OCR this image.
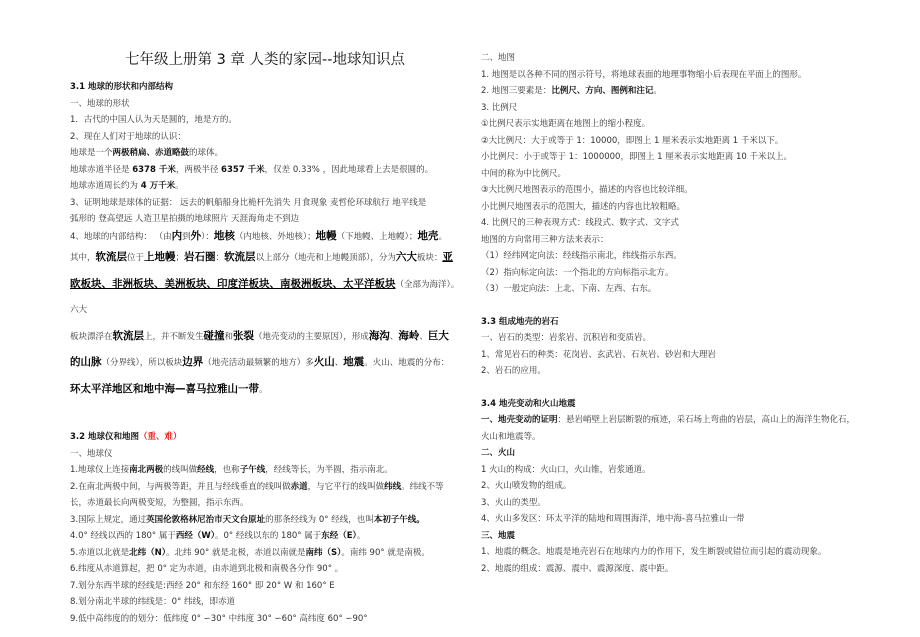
七年级上册第 3 章 人类的家园--地球知识点
3.1 地球的形状和内部结构
一、地球的形状
1．古代的中国人认为天是圆的，地是方的。
2、现在人们对于地球的认识：
地球是一个两极稍扁、赤道略鼓的球体。
地球赤道半径是 6378 千米，两极半径 6357 千米，仅差 0.33% ，因此地球看上去是很圆的。
地球赤道周长约为 4 万千米。
3、证明地球是球体的证据： 远去的帆船船身比桅杆先消失 月食现象 麦哲伦环球航行 地平线是
弧形的 登高望远 人造卫星拍摄的地球照片 天涯海角走不到边
4、地球的内部结构： （由内到外）：地核（内地核、外地核）；地幔（下地幔、上地幔）；地壳。
其中，软流层位于上地幔；岩石圈：软流层以上部分（地壳和上地幔顶部），分为六大板块：亚
欧板块、非洲板块、美洲板块、印度洋板块、南极洲板块、太平洋板块（全部为海洋）。六大
板块漂浮在软流层上，并不断发生碰撞和张裂（地壳变动的主要原因），形成海沟、海岭、巨大
的山脉（分界线），所以板块边界（地壳活动最频繁的地方）多火山、地震。火山、地震的分布：
环太平洋地区和地中海—喜马拉雅山一带。
3.2 地球仪和地图（重、难）
一、地球仪
1.地球仪上连接南北两极的线叫做经线，也称子午线，经线等长，为半圆，指示南北。
2.在南北两极中间，与两极等距，并且与经线垂直的线叫做赤道，与它平行的线叫做纬线。纬线不等
长，赤道最长向两极变短，为整圆，指示东西。
3.国际上规定，通过英国伦敦格林尼治市天文台原址的那条经线为 0° 经线，也叫本初子午线。
4.0° 经线以西的 180° 属于西经（W）。0° 经线以东的 180° 属于东经（E）。
5.赤道以北就是北纬（N）。北纬 90° 就是北极，赤道以南就是南纬（S）。南纬 90° 就是南极。
6.纬度从赤道算起，把 0° 定为赤道，由赤道到北极和南极各分作 90° 。
7.划分东西半球的经线是:西经 20° 和东经 160° 即 20° W 和 160° E
8.划分南北半球的纬线是：0° 纬线，即赤道
9.低中高纬度的的划分：低纬度 0° ∽30° 中纬度 30° ∽60° 高纬度 60° ∽90°
二、地图
1. 地图是以各种不同的图示符号，将地球表面的地理事物缩小后表现在平面上的图形。
2. 地图三要素是：比例尺、方向、图例和注记。
3. 比例尺
①比例尺表示实地距离在地图上的缩小程度。
②大比例尺：大于或等于 1：10000，即图上 1 厘米表示实地距离 1 千米以下。
小比例尺：小于或等于 1：1000000，即图上 1 厘米表示实地距离 10 千米以上。
中间的称为中比例尺。
③大比例尺地图表示的范围小，描述的内容也比较详细。
小比例尺地图表示的范围大，描述的内容也比较粗略。
4. 比例尺的三种表现方式：线段式、数字式、文字式
地图的方向常用三种方法来表示：
（1）经纬网定向法：经线指示南北，纬线指示东西。
（2）指向标定向法：一个指北的方向标指示北方。
（3）一般定向法：上北、下南、左西、右东。
3.3 组成地壳的岩石
一、岩石的类型：岩浆岩、沉积岩和变质岩。
1、常见岩石的种类：花岗岩、玄武岩、石灰岩、砂岩和大理岩
2、岩石的应用。
3.4 地壳变动和火山地震
一、地壳变动的证明：悬岩峭壁上岩层断裂的痕迹，采石场上弯曲的岩层，高山上的海洋生物化石，
火山和地震等。
二、火山
1 火山的构成：火山口，火山锥，岩浆通道。
2、火山喷发物的组成。
3、火山的类型。
4、火山多发区：环太平洋的陆地和周围海洋，地中海-喜马拉雅山一带
三、地震
1、地震的概念。地震是地壳岩石在地球内力的作用下，发生断裂或错位而引起的震动现象。
2、地震的组成：震源、震中、震源深度、震中距。
